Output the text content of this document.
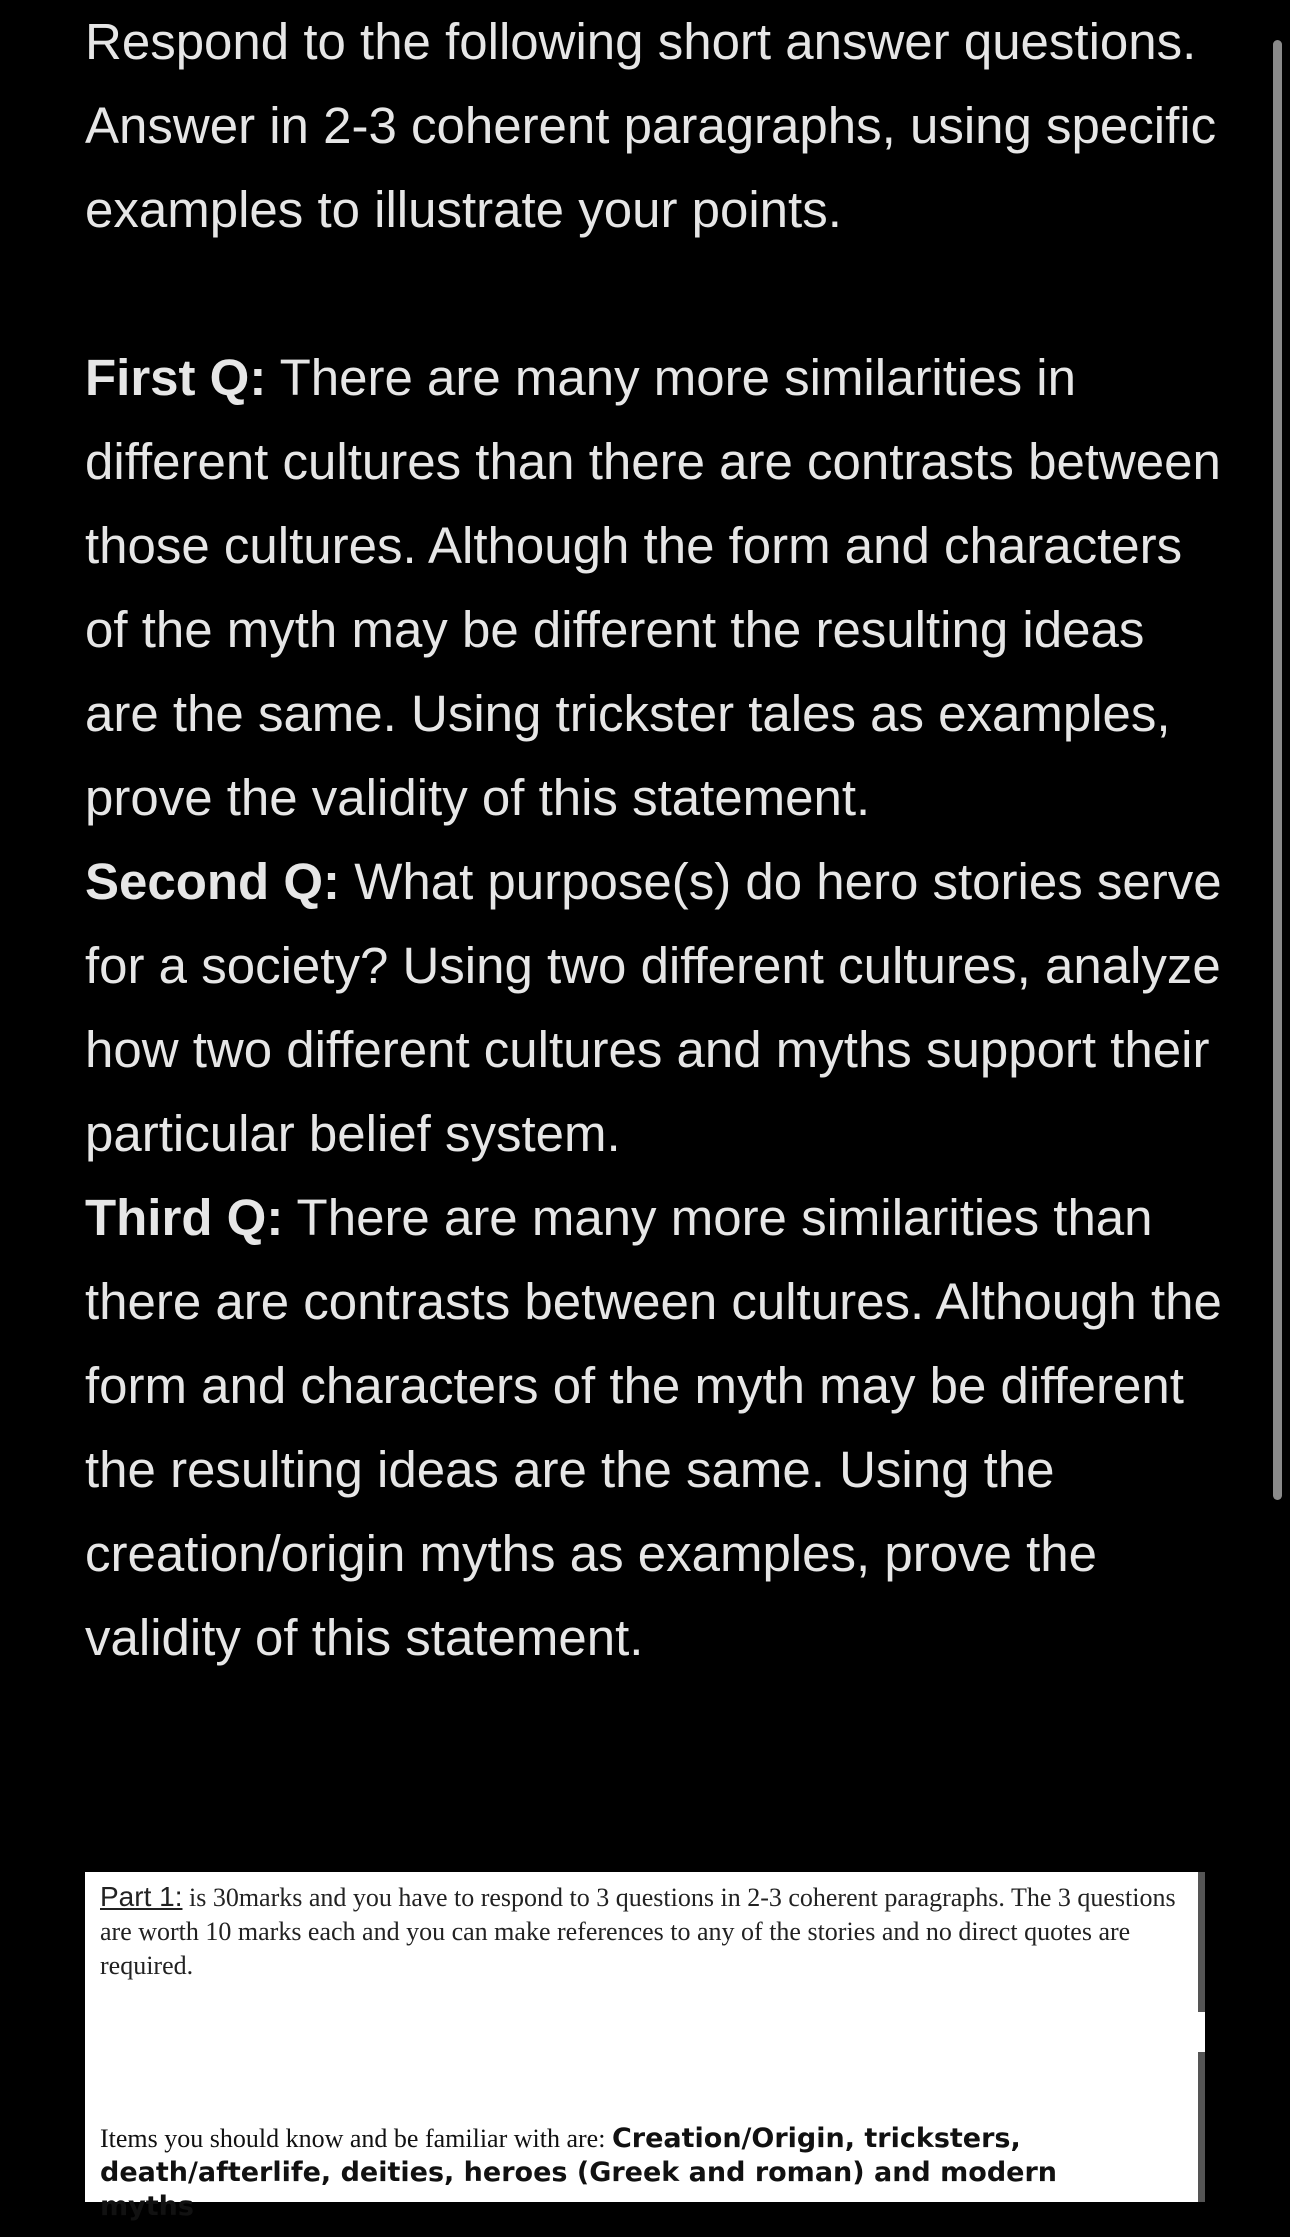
Respond to the following short answer questions. Answer in 2-3 coherent paragraphs, using specific examples to illustrate your points.

First Q: There are many more similarities in different cultures than there are contrasts between those cultures. Although the form and characters of the myth may be different the resulting ideas are the same. Using trickster tales as examples, prove the validity of this statement.

Second Q: What purpose(s) do hero stories serve for a society? Using two different cultures, analyze how two different cultures and myths support their particular belief system.

Third Q: There are many more similarities than there are contrasts between cultures. Although the form and characters of the myth may be different the resulting ideas are the same. Using the creation/origin myths as examples, prove the validity of this statement.

Part 1: is 30marks and you have to respond to 3 questions in 2-3 coherent paragraphs. The 3 questions are worth 10 marks each and you can make references to any of the stories and no direct quotes are required.
Items you should know and be familiar with are: Creation/Origin, tricksters, death/afterlife, deities, heroes (Greek and roman) and modern myths
